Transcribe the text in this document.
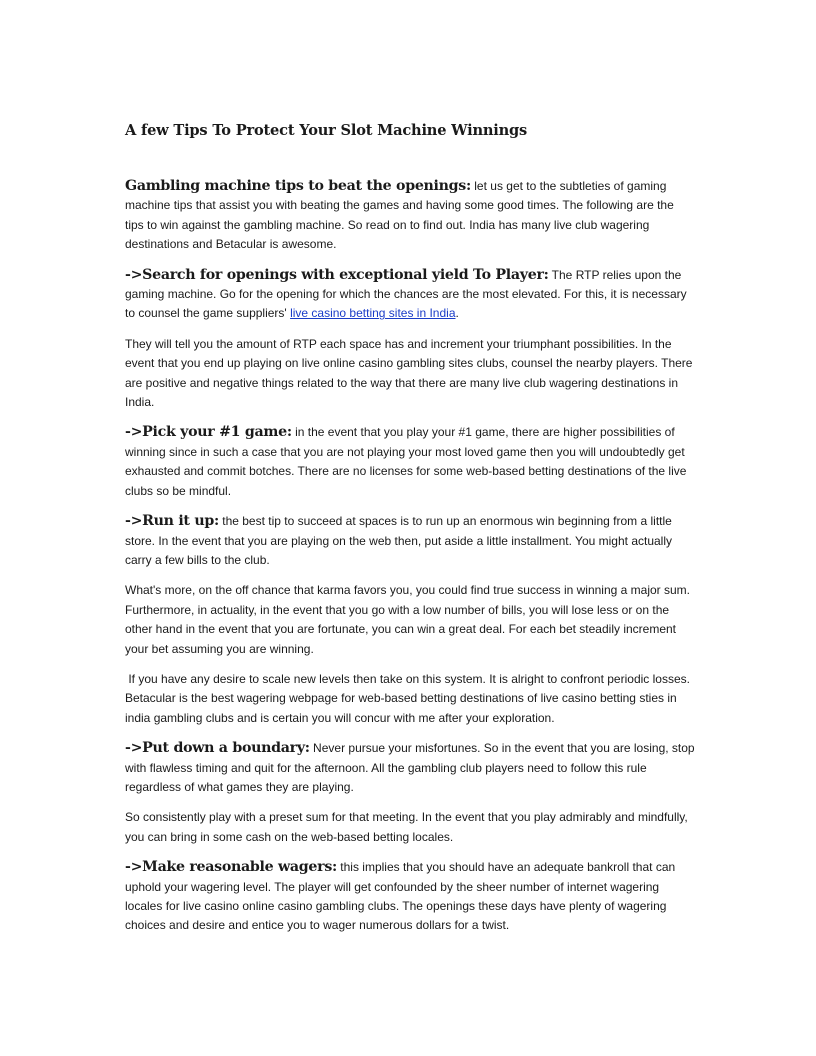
A few Tips To Protect Your Slot Machine Winnings

Gambling machine tips to beat the openings: let us get to the subtleties of gaming machine tips that assist you with beating the games and having some good times. The following are the tips to win against the gambling machine. So read on to find out. India has many live club wagering destinations and Betacular is awesome.

->Search for openings with exceptional yield To Player: The RTP relies upon the gaming machine. Go for the opening for which the chances are the most elevated. For this, it is necessary to counsel the game suppliers' live casino betting sites in India.

They will tell you the amount of RTP each space has and increment your triumphant possibilities. In the event that you end up playing on live online casino gambling sites clubs, counsel the nearby players. There are positive and negative things related to the way that there are many live club wagering destinations in India.

->Pick your #1 game: in the event that you play your #1 game, there are higher possibilities of winning since in such a case that you are not playing your most loved game then you will undoubtedly get exhausted and commit botches. There are no licenses for some web-based betting destinations of the live clubs so be mindful.

->Run it up: the best tip to succeed at spaces is to run up an enormous win beginning from a little store. In the event that you are playing on the web then, put aside a little installment. You might actually carry a few bills to the club.

What's more, on the off chance that karma favors you, you could find true success in winning a major sum. Furthermore, in actuality, in the event that you go with a low number of bills, you will lose less or on the other hand in the event that you are fortunate, you can win a great deal. For each bet steadily increment your bet assuming you are winning.

If you have any desire to scale new levels then take on this system. It is alright to confront periodic losses. Betacular is the best wagering webpage for web-based betting destinations of live casino betting sties in india gambling clubs and is certain you will concur with me after your exploration.

->Put down a boundary: Never pursue your misfortunes. So in the event that you are losing, stop with flawless timing and quit for the afternoon. All the gambling club players need to follow this rule regardless of what games they are playing.

So consistently play with a preset sum for that meeting. In the event that you play admirably and mindfully, you can bring in some cash on the web-based betting locales.

->Make reasonable wagers: this implies that you should have an adequate bankroll that can uphold your wagering level. The player will get confounded by the sheer number of internet wagering locales for live casino online casino gambling clubs. The openings these days have plenty of wagering choices and desire and entice you to wager numerous dollars for a twist.
